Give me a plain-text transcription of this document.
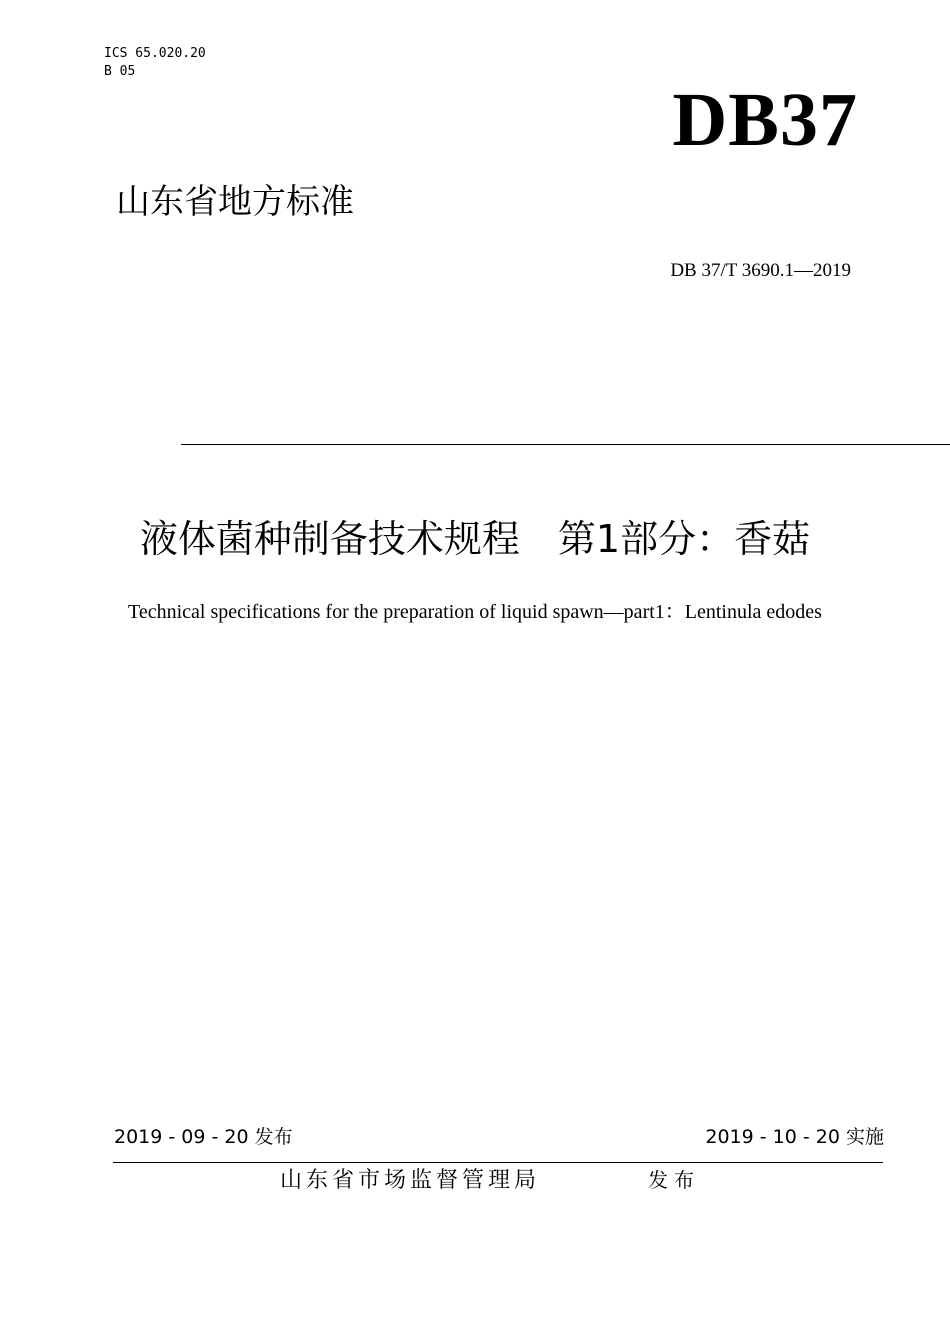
ICS 65.020.20
B 05
DB37
山东省地方标准
DB 37/T 3690.1—2019
液体菌种制备技术规程　第1部分：香菇
Technical specifications for the preparation of liquid spawn—part1：Lentinula edodes
2019 - 09 - 20 发布	2019 - 10 - 20 实施
山东省市场监督管理局	发布
